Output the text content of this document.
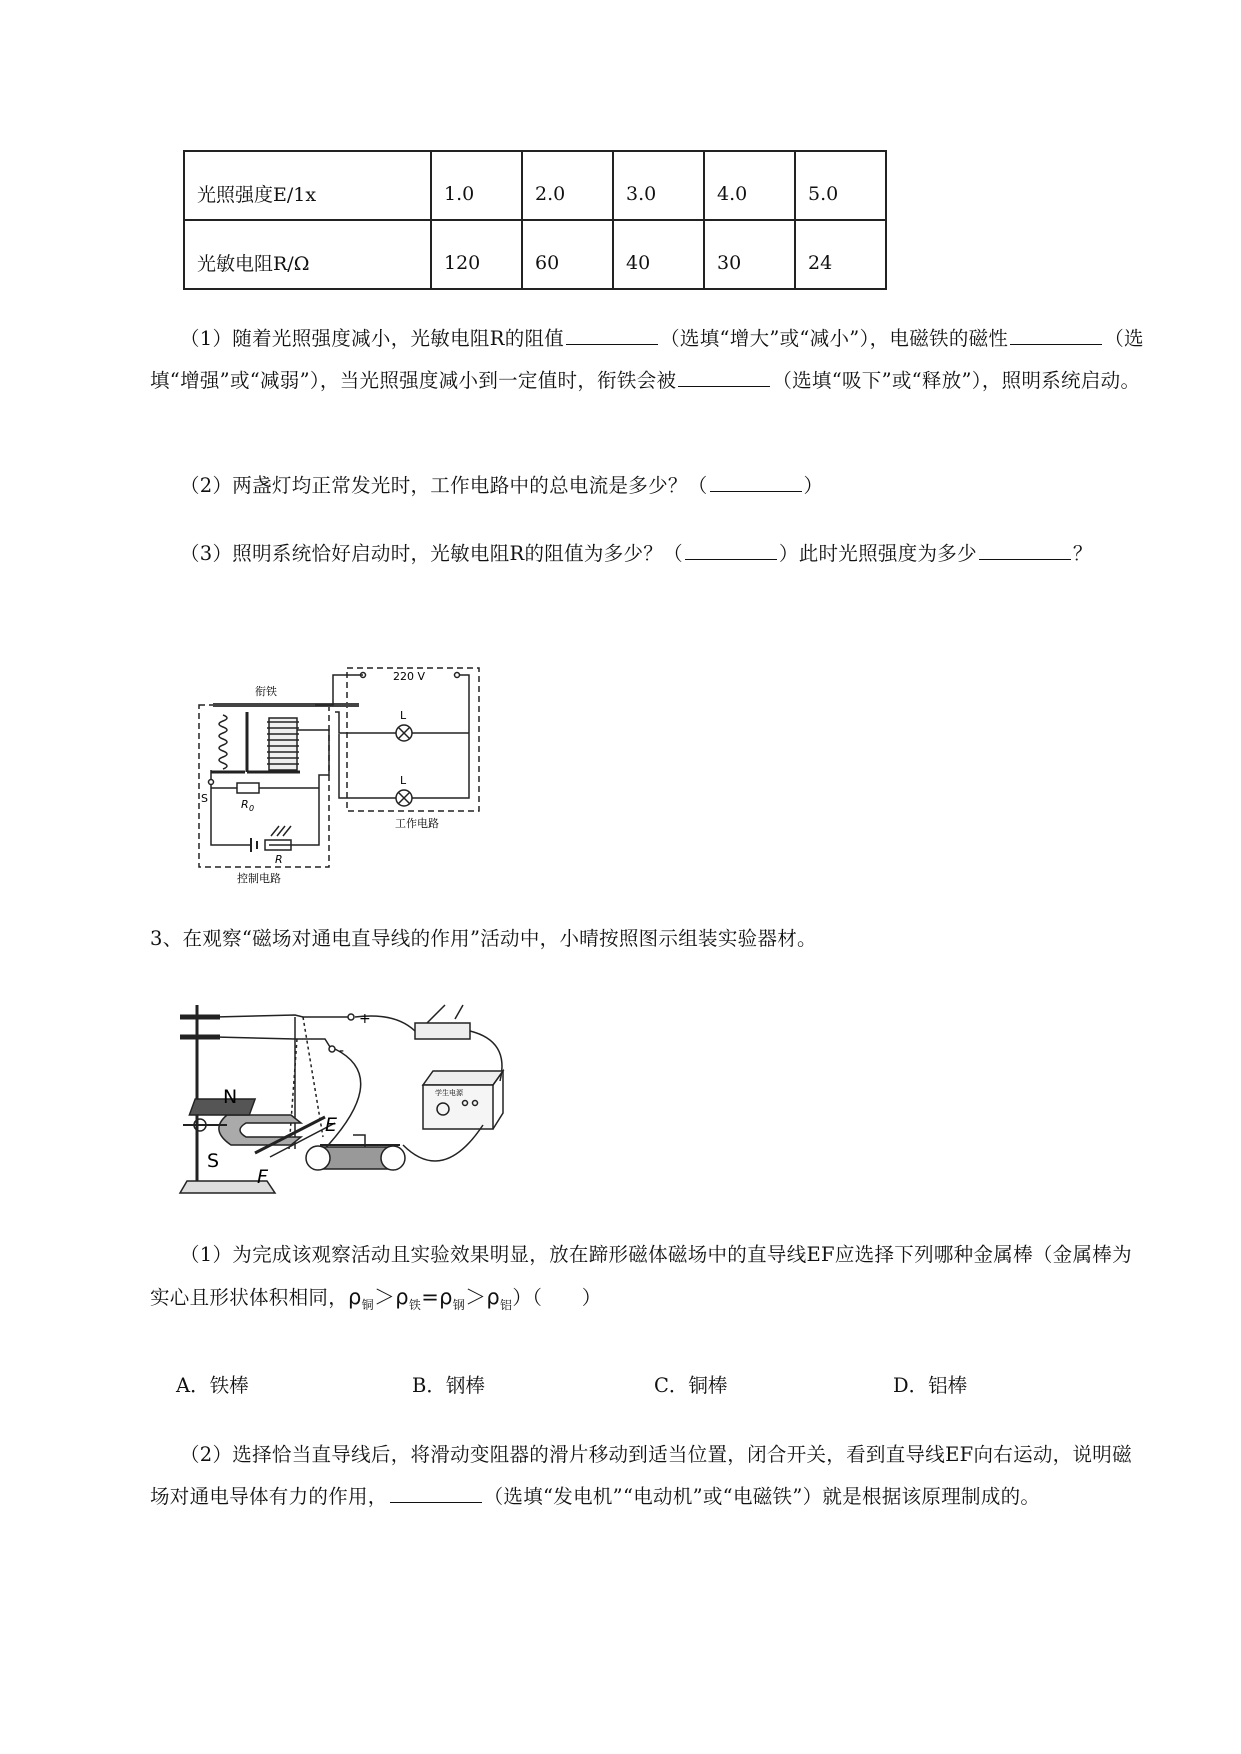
光照强度E/1x	1.0	2.0	3.0	4.0	5.0
光敏电阻R/Ω	120	60	40	30	24
（1）随着光照强度减小，光敏电阻R的阻值	（选填“增大”或“减小”），电磁铁的磁性	（选填“增强”或“减弱”），当光照强度减小到一定值时，衔铁会被	（选填“吸下”或“释放”），照明系统启动。
（2）两盏灯均正常发光时，工作电路中的总电流是多少？（	）
（3）照明系统恰好启动时，光敏电阻R的阻值为多少？（	）此时光照强度为多少	？
衔铁
220 V
L
L
S	R 0
R
工作电路
控制电路
3、在观察“磁场对通电直导线的作用”活动中，小晴按照图示组装实验器材。
N
S
E
F
+
-
学生电源
（1）为完成该观察活动且实验效果明显，放在蹄形磁体磁场中的直导线EF应选择下列哪种金属棒（金属棒为实心且形状体积相同，$\rho_铜>\rho_铁=\rho_钢>\rho_铝$）（　　）
A．铁棒	B．钢棒	C．铜棒	D．铝棒
（2）选择恰当直导线后，将滑动变阻器的滑片移动到适当位置，闭合开关，看到直导线EF向右运动，说明磁场对通电导体有力的作用，	（选填“发电机”“电动机”或“电磁铁”）就是根据该原理制成的。
